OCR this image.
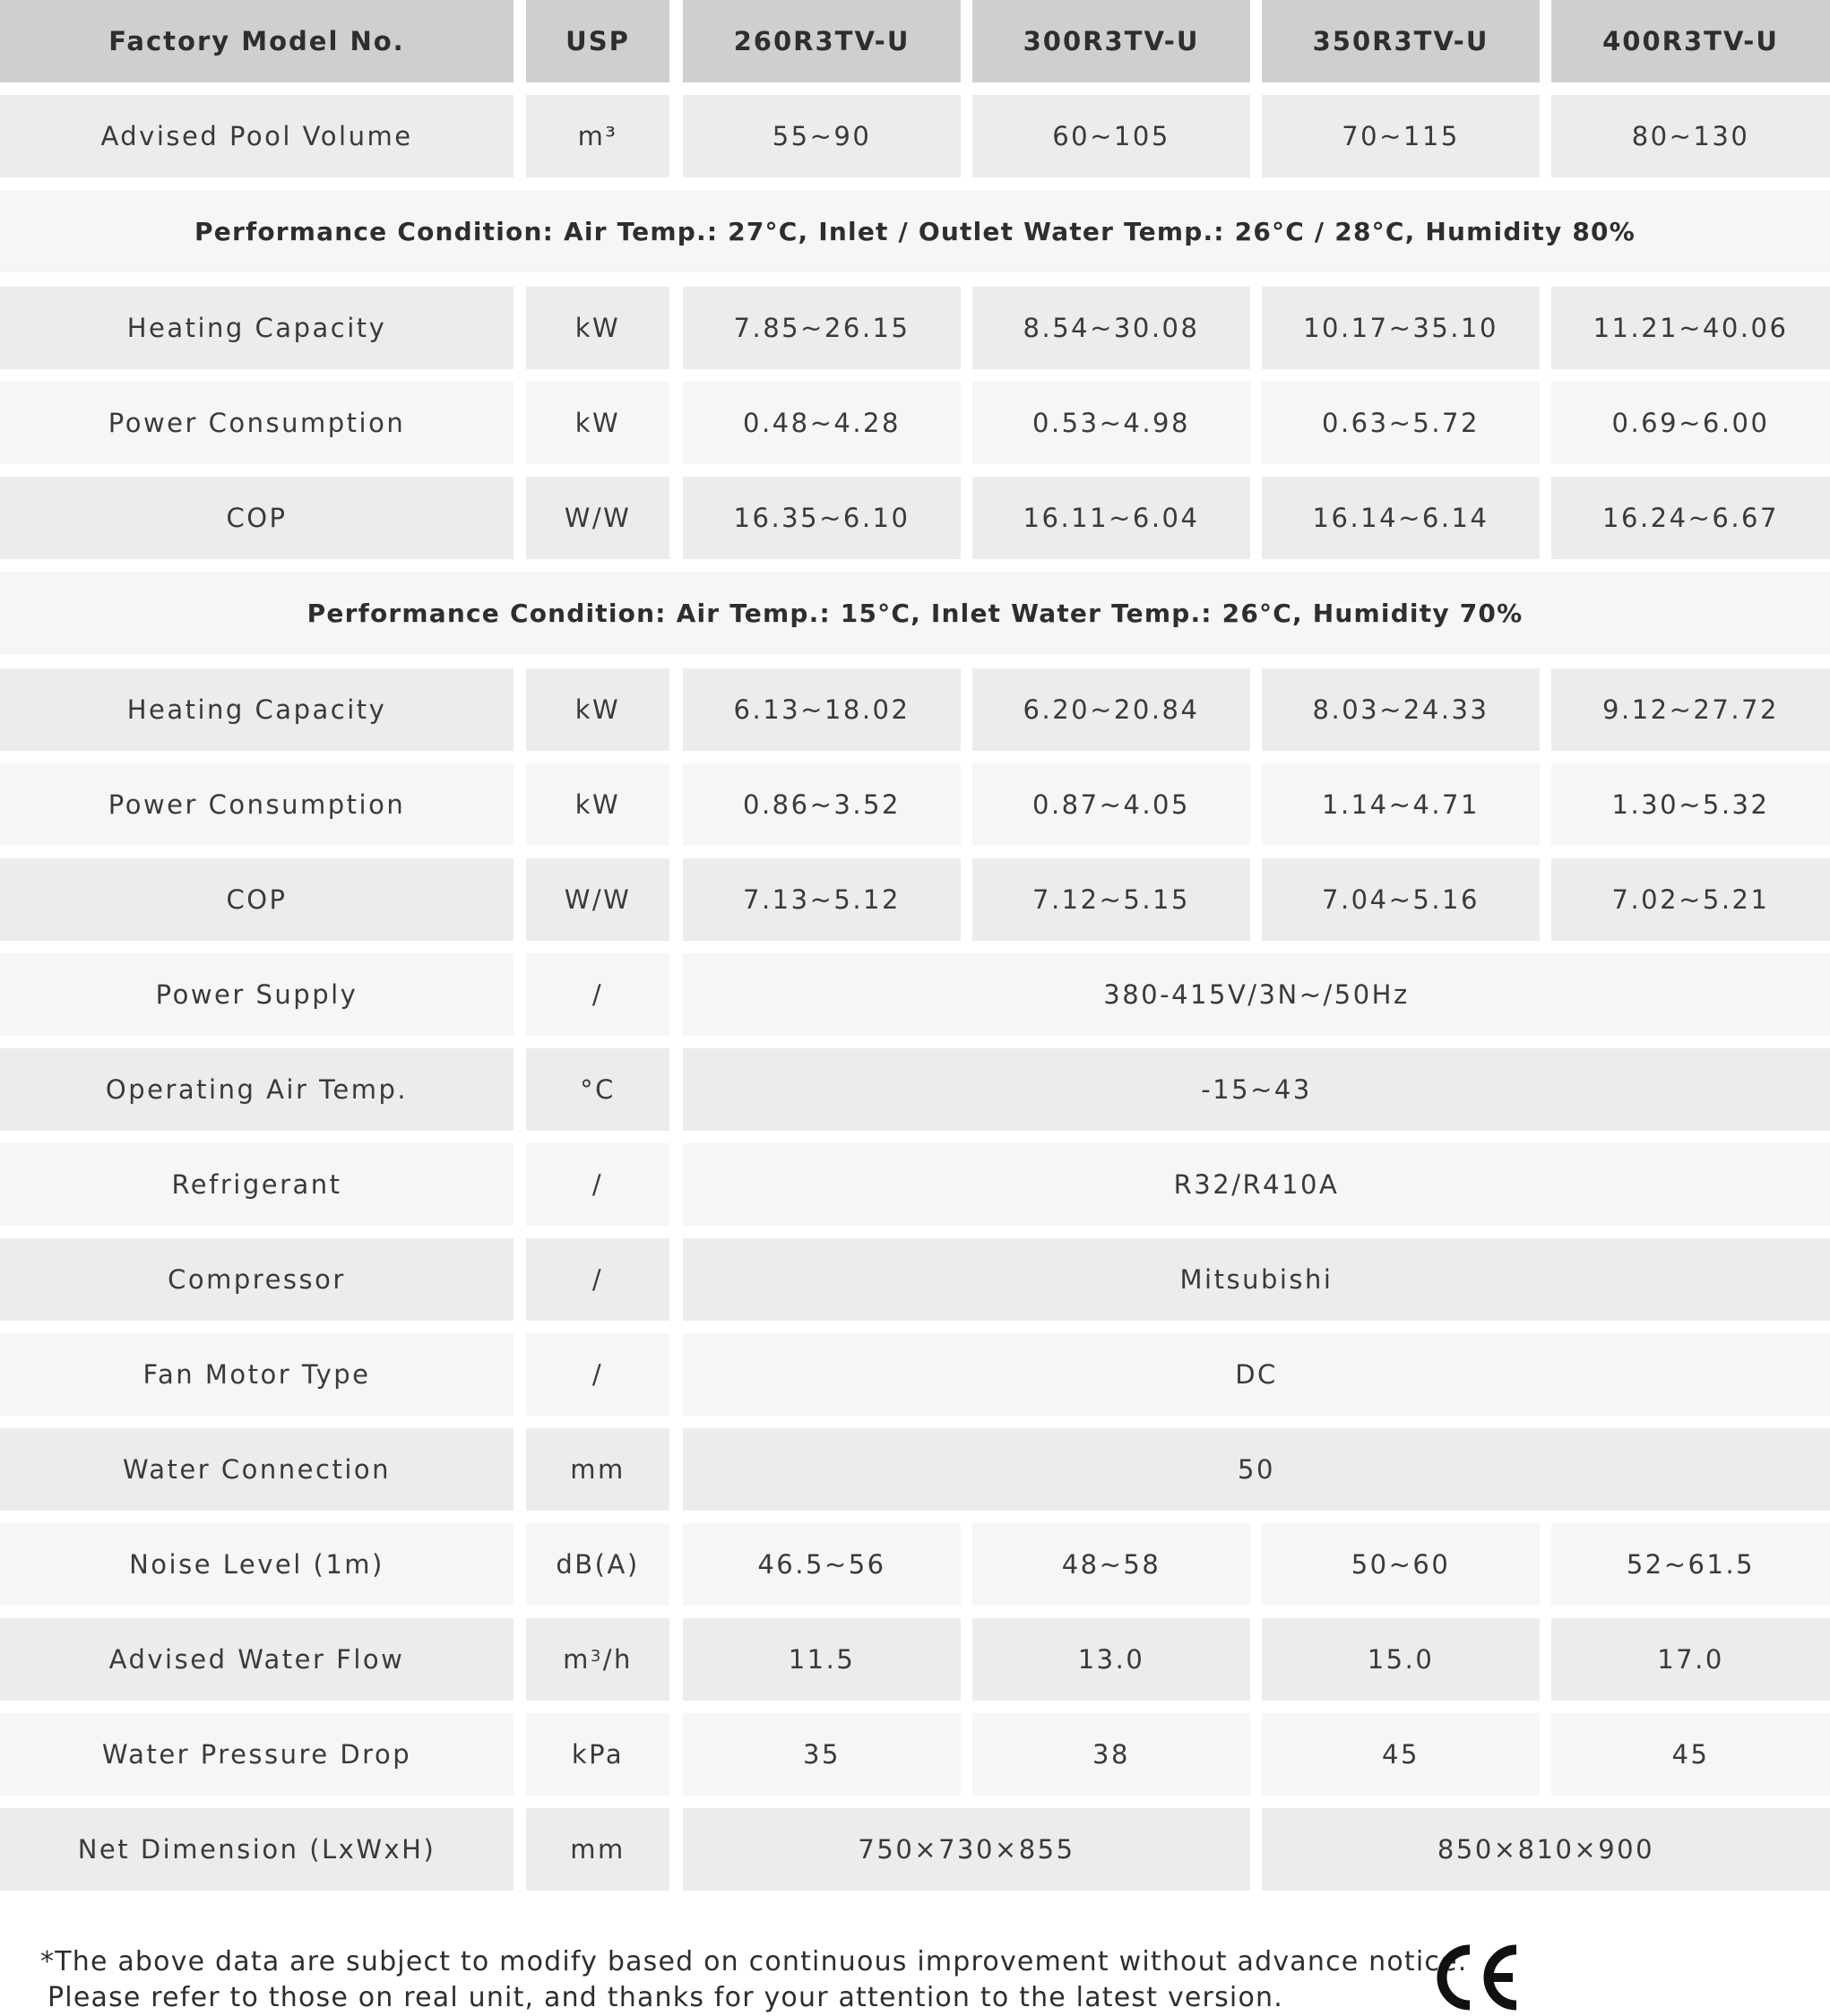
Factory Model No.	USP	260R3TV-U	300R3TV-U	350R3TV-U	400R3TV-U
Advised Pool Volume	m³	55~90	60~105	70~115	80~130
Performance Condition: Air Temp.: 27°C, Inlet / Outlet Water Temp.: 26°C / 28°C, Humidity 80%
Heating Capacity	kW	7.85~26.15	8.54~30.08	10.17~35.10	11.21~40.06
Power Consumption	kW	0.48~4.28	0.53~4.98	0.63~5.72	0.69~6.00
COP	W/W	16.35~6.10	16.11~6.04	16.14~6.14	16.24~6.67
Performance Condition: Air Temp.: 15°C, Inlet Water Temp.: 26°C, Humidity 70%
Heating Capacity	kW	6.13~18.02	6.20~20.84	8.03~24.33	9.12~27.72
Power Consumption	kW	0.86~3.52	0.87~4.05	1.14~4.71	1.30~5.32
COP	W/W	7.13~5.12	7.12~5.15	7.04~5.16	7.02~5.21
Power Supply	/	380-415V/3N~/50Hz
Operating Air Temp.	°C	-15~43
Refrigerant	/	R32/R410A
Compressor	/	Mitsubishi
Fan Motor Type	/	DC
Water Connection	mm	50
Noise Level (1m)	dB(A)	46.5~56	48~58	50~60	52~61.5
Advised Water Flow	$m^3$ /h	11.5	13.0	15.0	17.0
Water Pressure Drop	kPa	35	38	45	45
Net Dimension (LxWxH)	mm	750×730×855	850×810×900
*The above data are subject to modify based on continuous improvement without advance notice.
Please refer to those on real unit, and thanks for your attention to the latest version.
